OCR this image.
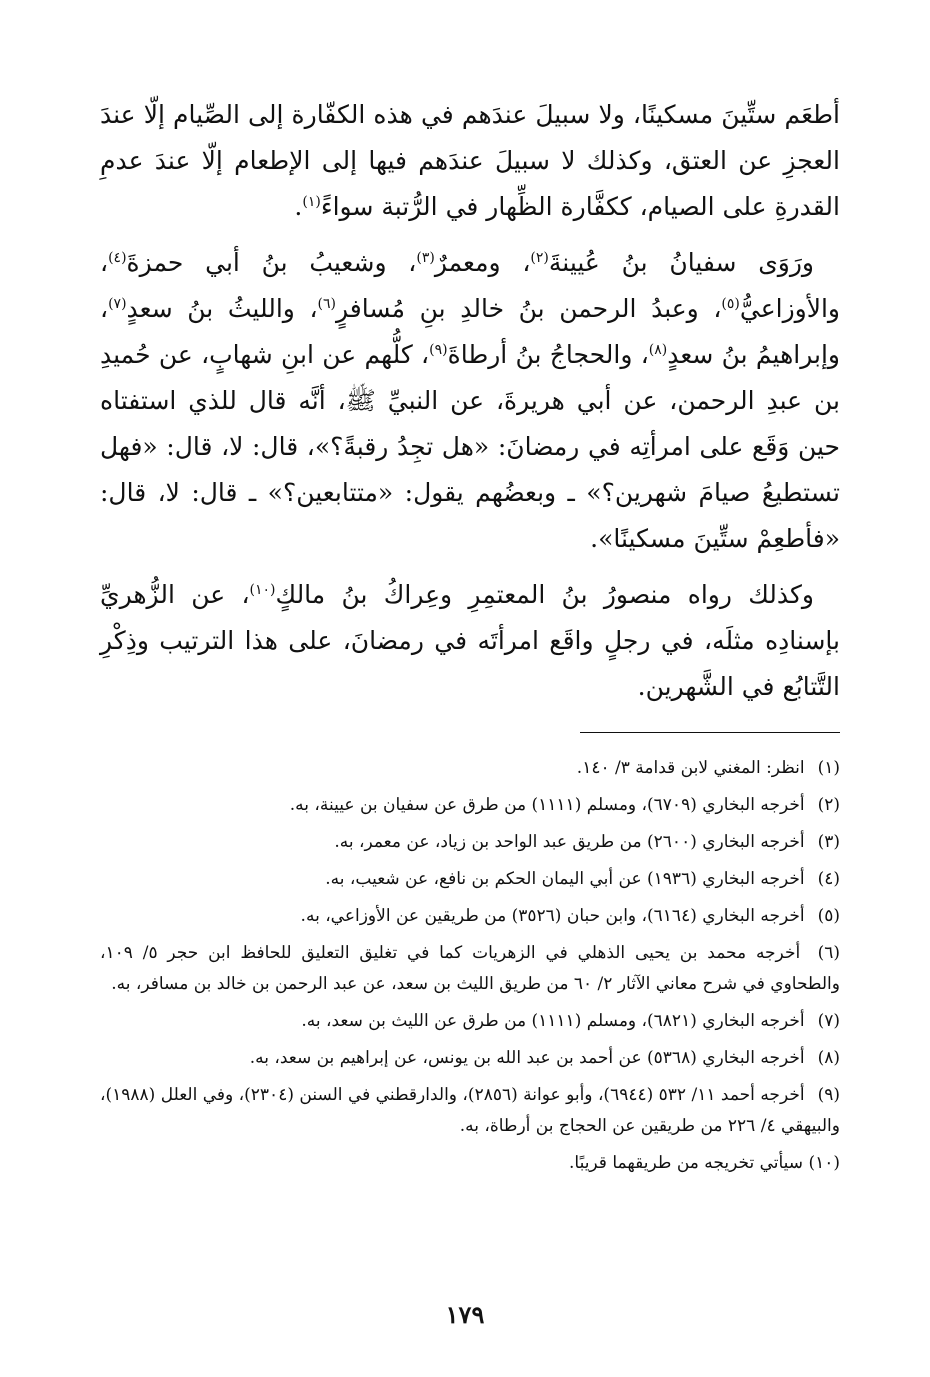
أطعَم ستِّينَ مسكينًا، ولا سبيلَ عندَهم في هذه الكفّارة إلى الصِّيام إلّا عندَ العجزِ عن العتق، وكذلك لا سبيلَ عندَهم فيها إلى الإطعام إلّا عندَ عدمِ القدرةِ على الصيام، ككفَّارة الظِّهار في الرُّتبة سواءً$^{(١)}$.

ورَوَى سفيانُ بنُ عُيينةَ$^{(٢)}$، ومعمرٌ$^{(٣)}$، وشعيبُ بنُ أبي حمزةَ$^{(٤)}$، والأوزاعيُّ$^{(٥)}$، وعبدُ الرحمن بنُ خالدِ بنِ مُسافرٍ$^{(٦)}$، والليثُ بنُ سعدٍ$^{(٧)}$، وإبراهيمُ بنُ سعدٍ$^{(٨)}$، والحجاجُ بنُ أرطاةَ$^{(٩)}$، كلُّهم عن ابنِ شهابٍ، عن حُميدِ بن عبدِ الرحمن، عن أبي هريرةَ، عن النبيِّ ﷺ، أنَّه قال للذي استفتاه حين وَقَع على امرأتِه في رمضانَ: «هل تجِدُ رقبةً؟»، قال: لا، قال: «فهل تستطيعُ صيامَ شهرين؟» ـ وبعضُهم يقول: «متتابعين؟» ـ قال: لا، قال: «فأطعِمْ ستِّينَ مسكينًا».

وكذلك رواه منصورُ بنُ المعتمِرِ وعِراكُ بنُ مالكٍ$^{(١٠)}$، عن الزُّهريِّ بإسنادِه مثلَه، في رجلٍ واقَع امرأتَه في رمضانَ، على هذا الترتيب وذِكْرِ التَّتابُع في الشَّهرين.

(١) انظر: المغني لابن قدامة ٣/ ١٤٠.
(٢) أخرجه البخاري (٦٧٠٩)، ومسلم (١١١١) من طرق عن سفيان بن عيينة، به.
(٣) أخرجه البخاري (٢٦٠٠) من طريق عبد الواحد بن زياد، عن معمر، به.
(٤) أخرجه البخاري (١٩٣٦) عن أبي اليمان الحكم بن نافع، عن شعيب، به.
(٥) أخرجه البخاري (٦١٦٤)، وابن حبان (٣٥٢٦) من طريقين عن الأوزاعي، به.
(٦) أخرجه محمد بن يحيى الذهلي في الزهريات كما في تغليق التعليق للحافظ ابن حجر ٥/ ١٠٩، والطحاوي في شرح معاني الآثار ٢/ ٦٠ من طريق الليث بن سعد، عن عبد الرحمن بن خالد بن مسافر، به.
(٧) أخرجه البخاري (٦٨٢١)، ومسلم (١١١١) من طرق عن الليث بن سعد، به.
(٨) أخرجه البخاري (٥٣٦٨) عن أحمد بن عبد الله بن يونس، عن إبراهيم بن سعد، به.
(٩) أخرجه أحمد ١١/ ٥٣٢ (٦٩٤٤)، وأبو عوانة (٢٨٥٦)، والدارقطني في السنن (٢٣٠٤)، وفي العلل (١٩٨٨)، والبيهقي ٤/ ٢٢٦ من طريقين عن الحجاج بن أرطاة، به.
(١٠) سيأتي تخريجه من طريقهما قريبًا.
١٧٩
